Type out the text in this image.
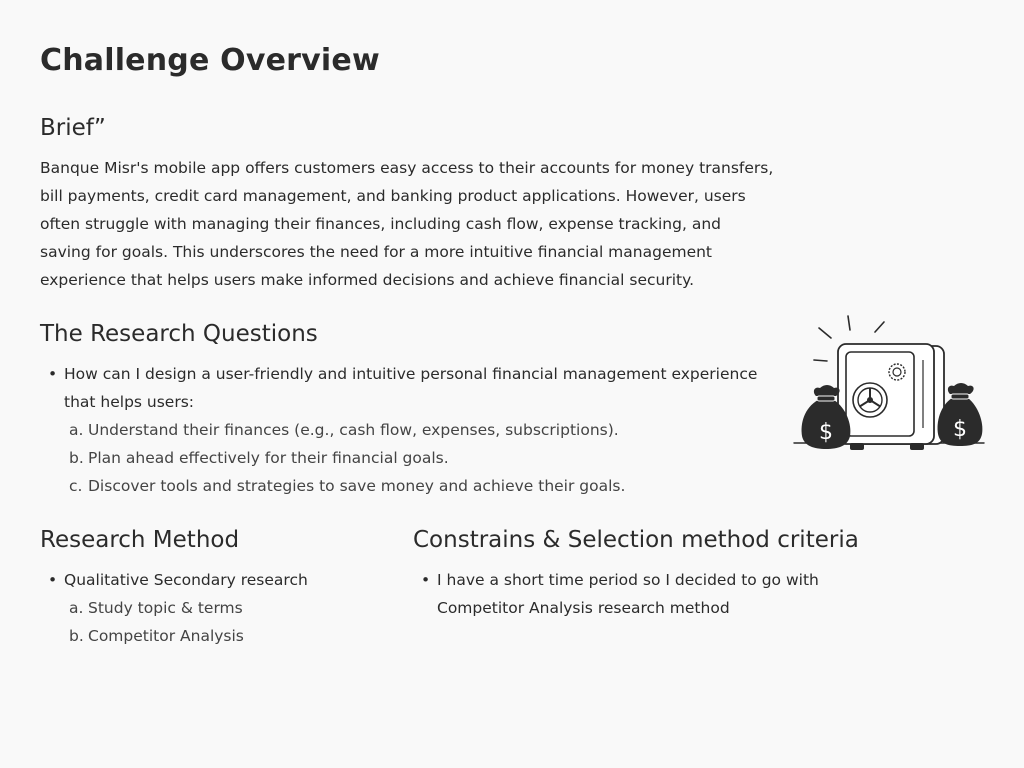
Challenge Overview
Brief”

Banque Misr's mobile app offers customers easy access to their accounts for money transfers, bill payments, credit card management, and banking product applications. However, users often struggle with managing their finances, including cash flow, expense tracking, and saving for goals. This underscores the need for a more intuitive financial management experience that helps users make informed decisions and achieve financial security.

The Research Questions
• How can I design a user-friendly and intuitive personal financial management experience that helps users:
a. Understand their finances (e.g., cash flow, expenses, subscriptions).
b. Plan ahead effectively for their financial goals.
c. Discover tools and strategies to save money and achieve their goals.
$	$
Research Method
• Qualitative Secondary research
a. Study topic & terms
b. Competitor Analysis
Constrains & Selection method criteria
• I have a short time period so I decided to go with Competitor Analysis research method
